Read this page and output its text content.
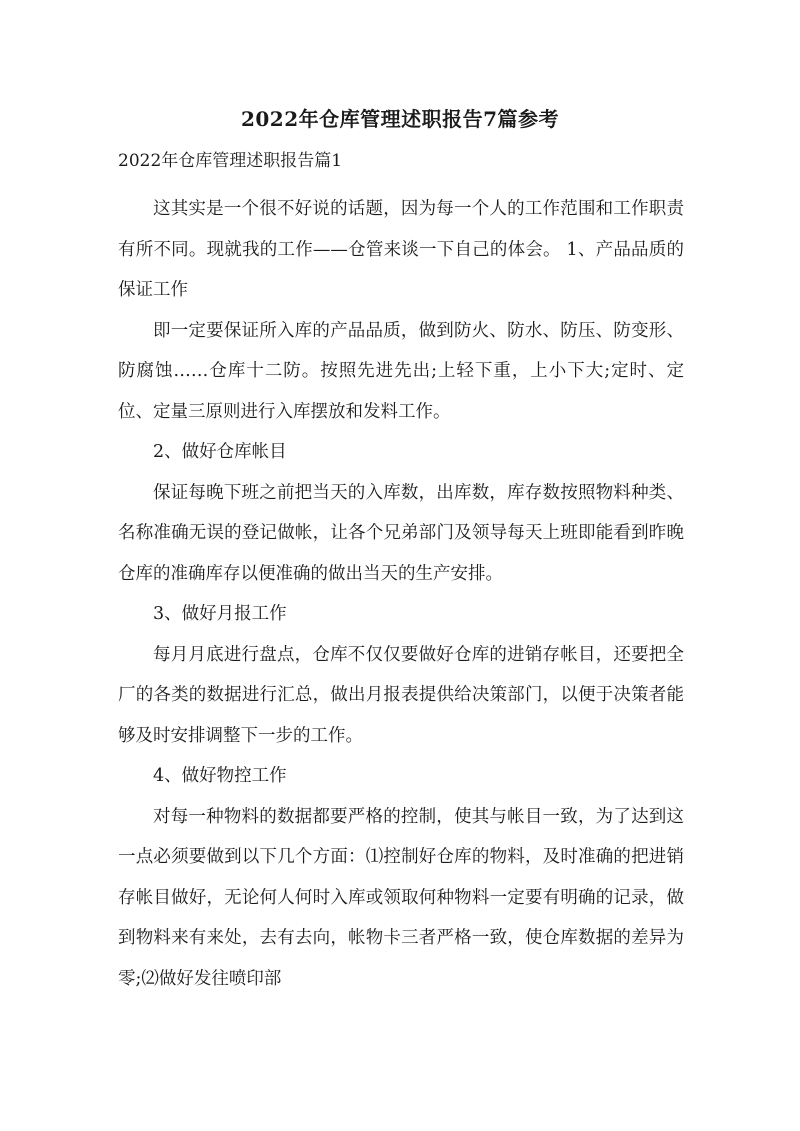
2022年仓库管理述职报告7篇参考
2022年仓库管理述职报告篇1

这其实是一个很不好说的话题，因为每一个人的工作范围和工作职责有所不同。现就我的工作——仓管来谈一下自己的体会。 1、产品品质的保证工作

即一定要保证所入库的产品品质，做到防火、防水、防压、防变形、防腐蚀……仓库十二防。按照先进先出;上轻下重，上小下大;定时、定位、定量三原则进行入库摆放和发料工作。

2、做好仓库帐目

保证每晚下班之前把当天的入库数，出库数，库存数按照物料种类、名称准确无误的登记做帐，让各个兄弟部门及领导每天上班即能看到昨晚仓库的准确库存以便准确的做出当天的生产安排。

3、做好月报工作

每月月底进行盘点，仓库不仅仅要做好仓库的进销存帐目，还要把全厂的各类的数据进行汇总，做出月报表提供给决策部门，以便于决策者能够及时安排调整下一步的工作。

4、做好物控工作

对每一种物料的数据都要严格的控制，使其与帐目一致，为了达到这一点必须要做到以下几个方面：⑴控制好仓库的物料，及时准确的把进销存帐目做好，无论何人何时入库或领取何种物料一定要有明确的记录，做到物料来有来处，去有去向，帐物卡三者严格一致，使仓库数据的差异为零;⑵做好发往喷印部
